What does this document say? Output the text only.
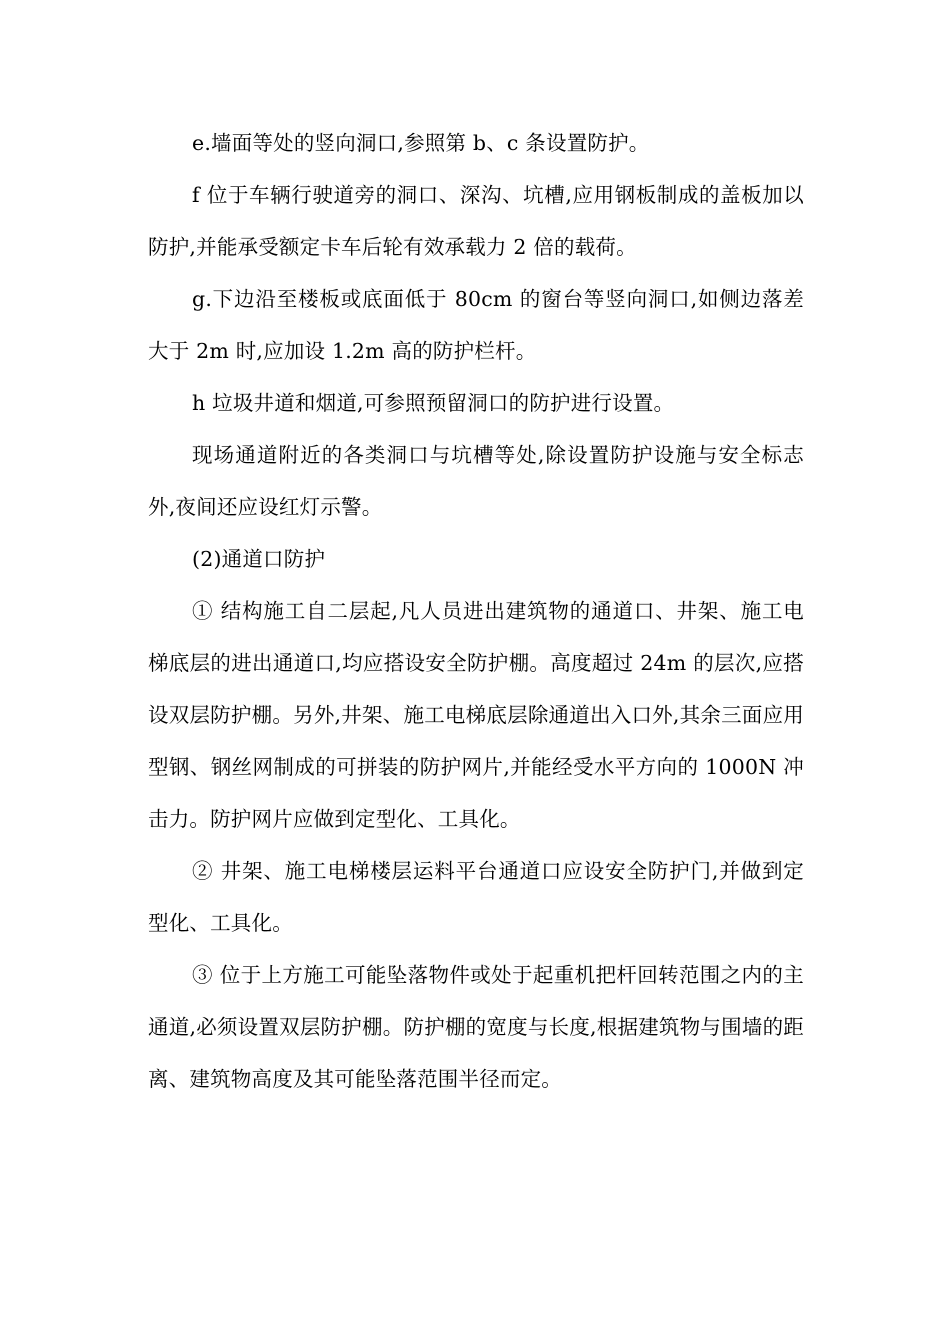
e.墙面等处的竖向洞口,参照第 b、c 条设置防护。

f 位于车辆行驶道旁的洞口、深沟、坑槽,应用钢板制成的盖板加以防护,并能承受额定卡车后轮有效承载力 2 倍的载荷。

g.下边沿至楼板或底面低于 80cm 的窗台等竖向洞口,如侧边落差大于 2m 时,应加设 1.2m 高的防护栏杆。

h 垃圾井道和烟道,可参照预留洞口的防护进行设置。

现场通道附近的各类洞口与坑槽等处,除设置防护设施与安全标志外,夜间还应设红灯示警。

(2)通道口防护

① 结构施工自二层起,凡人员进出建筑物的通道口、井架、施工电梯底层的进出通道口,均应搭设安全防护棚。高度超过 24m 的层次,应搭设双层防护棚。另外,井架、施工电梯底层除通道出入口外,其余三面应用型钢、钢丝网制成的可拼装的防护网片,并能经受水平方向的 1000N 冲击力。防护网片应做到定型化、工具化。

② 井架、施工电梯楼层运料平台通道口应设安全防护门,并做到定型化、工具化。

③ 位于上方施工可能坠落物件或处于起重机把杆回转范围之内的主通道,必须设置双层防护棚。防护棚的宽度与长度,根据建筑物与围墙的距离、建筑物高度及其可能坠落范围半径而定。
